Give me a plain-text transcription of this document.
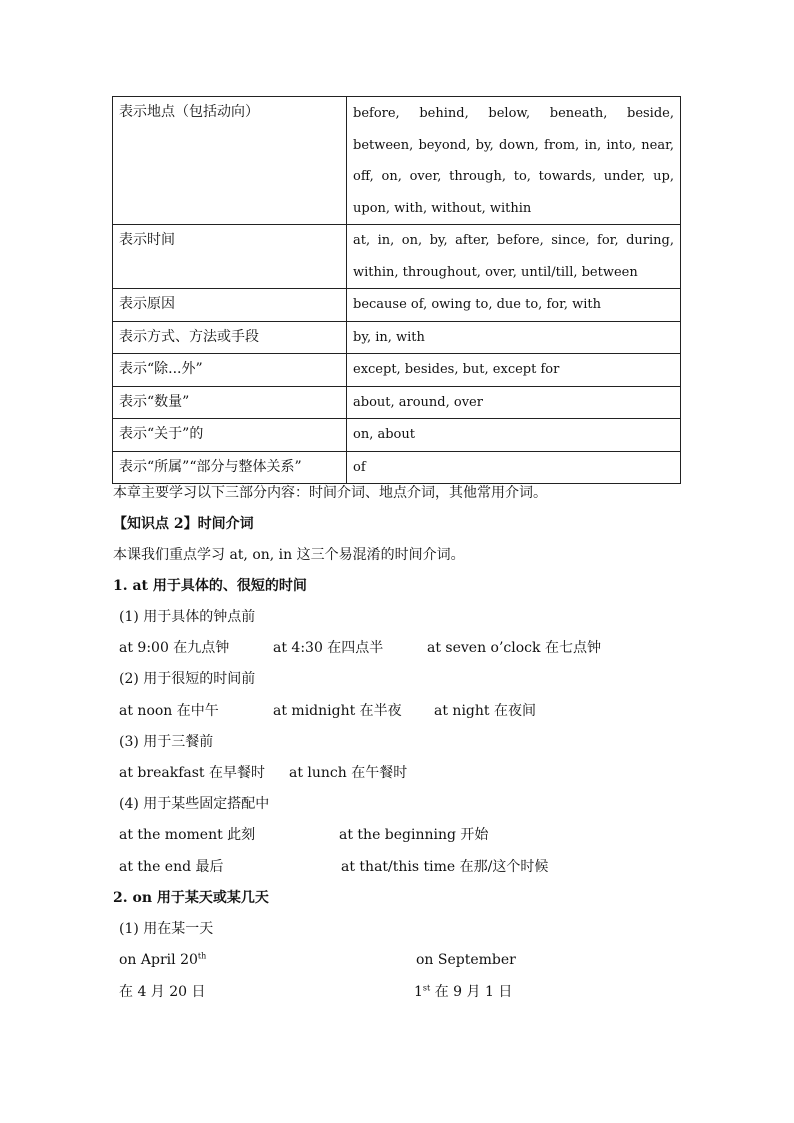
表示地点（包括动向）	before, behind, below, beneath, beside, between, beyond, by, down, from, in, into, near, off, on, over, through, to, towards, under, up, upon, with, without, within
表示时间	at, in, on, by, after, before, since, for, during, within, throughout, over, until/till, between
表示原因	because of, owing to, due to, for, with
表示方式、方法或手段	by, in, with
表示“除...外”	except, besides, but, except for
表示“数量”	about, around, over
表示“关于”的	on, about
表示“所属”“部分与整体关系”	of
本章主要学习以下三部分内容：时间介词、地点介词，其他常用介词。
【知识点 2】时间介词
本课我们重点学习 at, on, in 这三个易混淆的时间介词。
1. at 用于具体的、很短的时间
(1) 用于具体的钟点前
at 9:00 在九点钟	at 4:30 在四点半	at seven o’clock 在七点钟
(2) 用于很短的时间前
at noon 在中午	at midnight 在半夜 at night 在夜间
(3) 用于三餐前
at breakfast 在早餐时 at lunch 在午餐时
(4) 用于某些固定搭配中
at the moment 此刻	at the beginning 开始
at the end 最后	at that/this time 在那/这个时候
2. on 用于某天或某几天
(1) 用在某一天
on April 20th	on September
在 4 月 20 日	1st 在 9 月 1 日
